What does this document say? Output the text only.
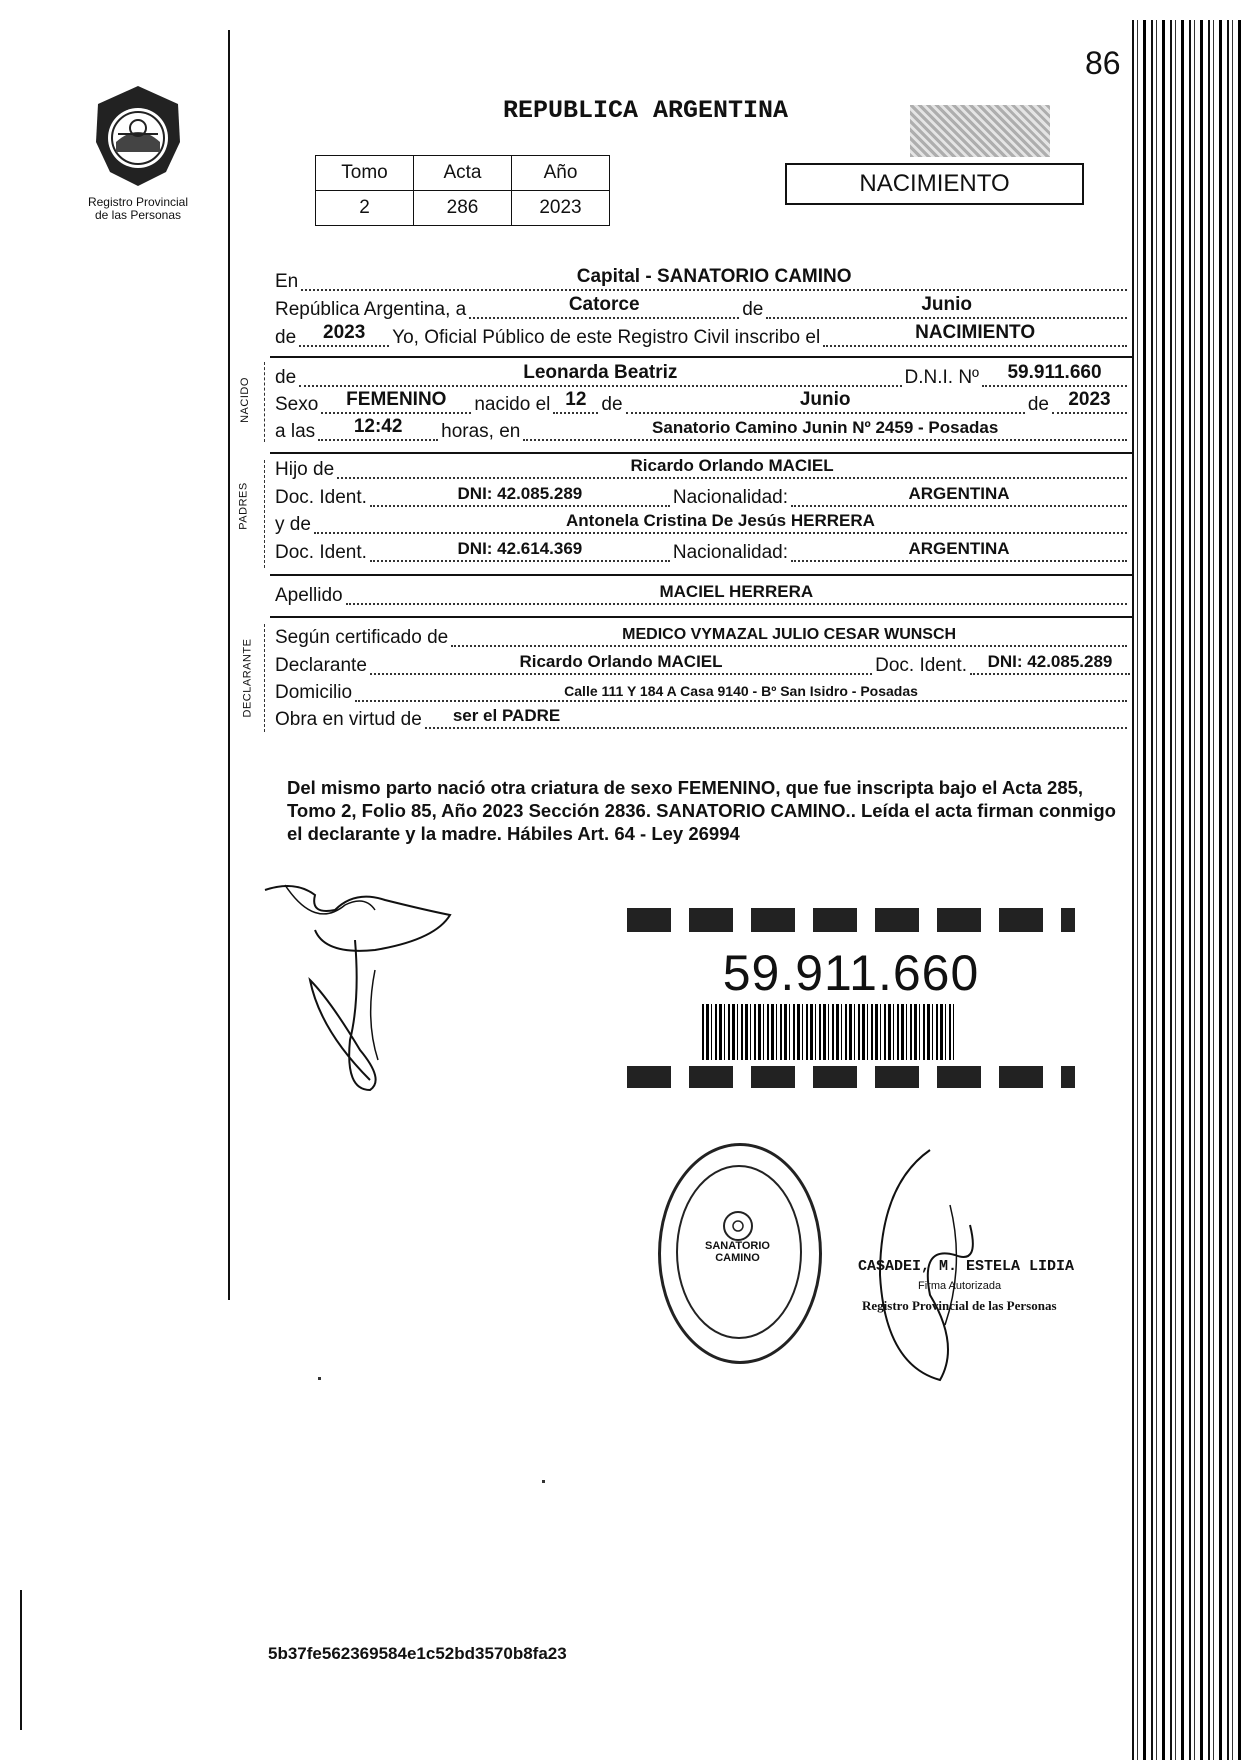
86
Registro Provincial
de las Personas
REPUBLICA ARGENTINA
NACIMIENTO
Tomo	Acta	Año
2	286	2023
En	Capital - SANATORIO CAMINO
República Argentina, a	Catorce	de	Junio
de	2023	Yo, Oficial Público de este Registro Civil inscribo el	NACIMIENTO
NACIDO de	Leonarda Beatriz	D.N.I. Nº	59.911.660
Sexo	FEMENINO	nacido el 12 de	Junio	de	2023
a las	12:42	horas, en	Sanatorio Camino Junin Nº 2459 - Posadas
PADRES
Hijo de	Ricardo Orlando MACIEL
Doc. Ident.	DNI: 42.085.289	Nacionalidad:	ARGENTINA
y de	Antonela Cristina De Jesús HERRERA
Doc. Ident.	DNI: 42.614.369	Nacionalidad:	ARGENTINA
Apellido	MACIEL HERRERA
DECLARANTE
Según certificado de	MEDICO VYMAZAL JULIO CESAR WUNSCH
Declarante	Ricardo Orlando MACIEL	Doc. Ident.	DNI: 42.085.289
Domicilio	Calle 111 Y 184 A Casa 9140 - Bº San Isidro - Posadas
Obra en virtud de	ser el PADRE
Del mismo parto nació otra criatura de sexo FEMENINO, que fue inscripta bajo el Acta 285, Tomo 2, Folio 85, Año 2023 Sección 2836. SANATORIO CAMINO.. Leída el acta firman conmigo el declarante y la madre. Hábiles Art. 64 - Ley 26994
59.911.660
SANATORIO CAMINO	CASADEI, M. ESTELA LIDIA
Firma Autorizada
Registro Provincial de las Personas
5b37fe562369584e1c52bd3570b8fa23
